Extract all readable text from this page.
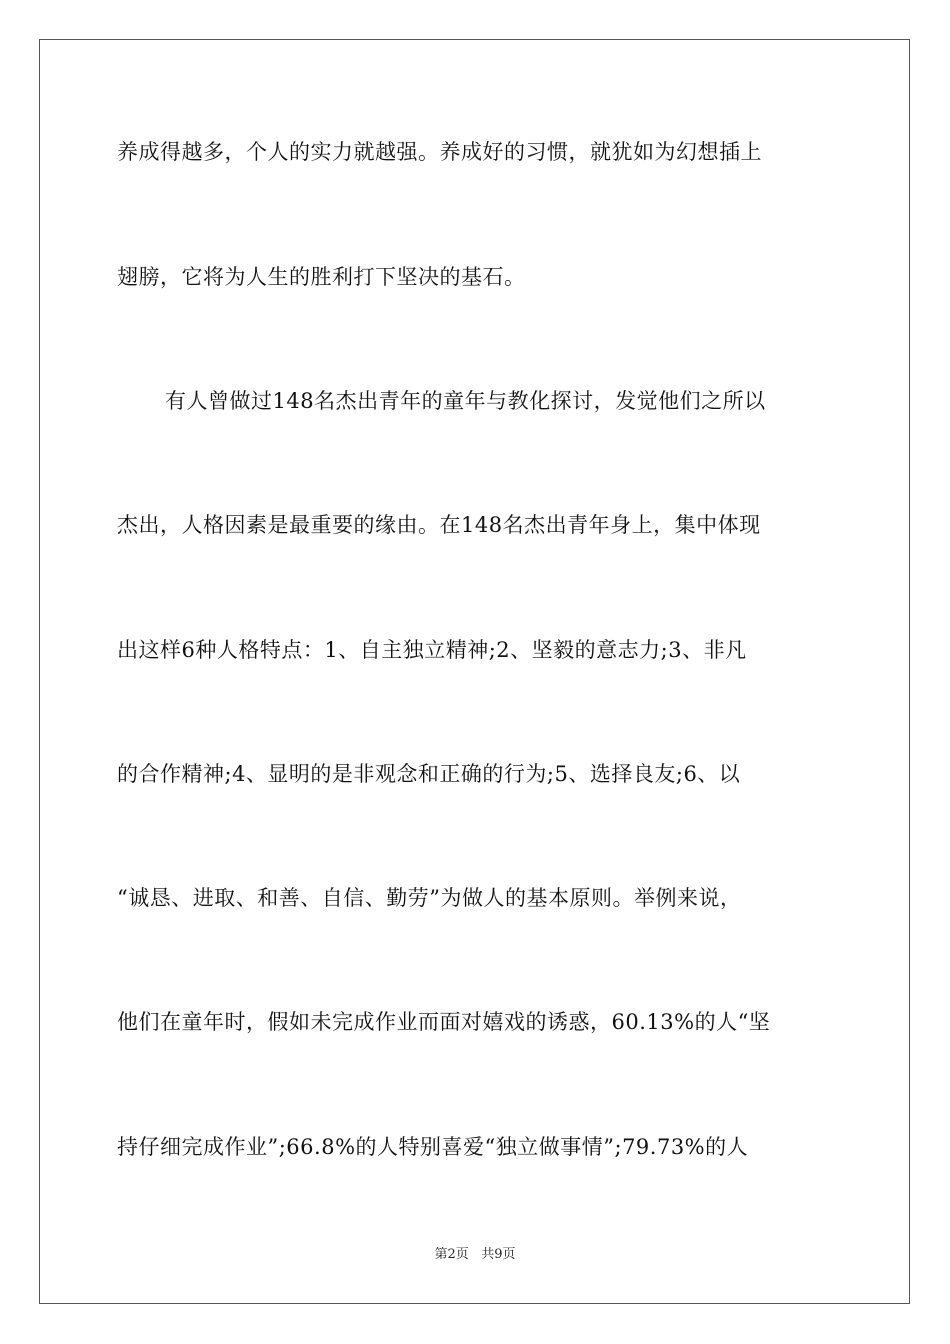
养成得越多，个人的实力就越强。养成好的习惯，就犹如为幻想插上
翅膀，它将为人生的胜利打下坚决的基石。
有人曾做过148名杰出青年的童年与教化探讨，发觉他们之所以
杰出，人格因素是最重要的缘由。在148名杰出青年身上，集中体现
出这样6种人格特点：1、自主独立精神;2、坚毅的意志力;3、非凡
的合作精神;4、显明的是非观念和正确的行为;5、选择良友;6、以
“诚恳、进取、和善、自信、勤劳”为做人的基本原则。举例来说，
他们在童年时，假如未完成作业而面对嬉戏的诱惑，60.13%的人“坚
持仔细完成作业”;66.8%的人特别喜爱“独立做事情”;79.73%的人
第2页 共9页
